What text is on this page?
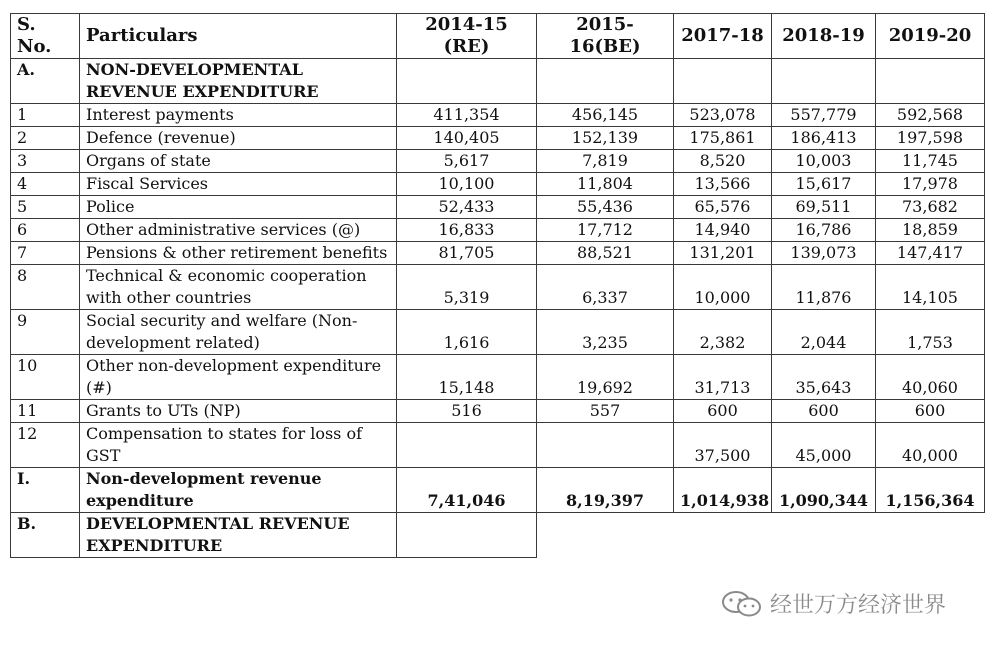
S. No.	Particulars	2014-15 (RE)	2015-16(BE)	2017-18	2018-19	2019-20
A.	NON-DEVELOPMENTAL REVENUE EXPENDITURE					
1	Interest payments	411,354	456,145	523,078	557,779	592,568
2	Defence (revenue)	140,405	152,139	175,861	186,413	197,598
3	Organs of state	5,617	7,819	8,520	10,003	11,745
4	Fiscal Services	10,100	11,804	13,566	15,617	17,978
5	Police	52,433	55,436	65,576	69,511	73,682
6	Other administrative services (@)	16,833	17,712	14,940	16,786	18,859
7	Pensions & other retirement benefits	81,705	88,521	131,201	139,073	147,417
8	Technical & economic cooperation with other countries	5,319	6,337	10,000	11,876	14,105
9	Social security and welfare (Non-development related)	1,616	3,235	2,382	2,044	1,753
10	Other non-development expenditure (#)	15,148	19,692	31,713	35,643	40,060
11	Grants to UTs (NP)	516	557	600	600	600
12	Compensation to states for loss of GST			37,500	45,000	40,000
I.	Non-development revenue expenditure	7,41,046	8,19,397	1,014,938	1,090,344	1,156,364
B.	DEVELOPMENTAL REVENUE EXPENDITURE					
经世万方经济世界
